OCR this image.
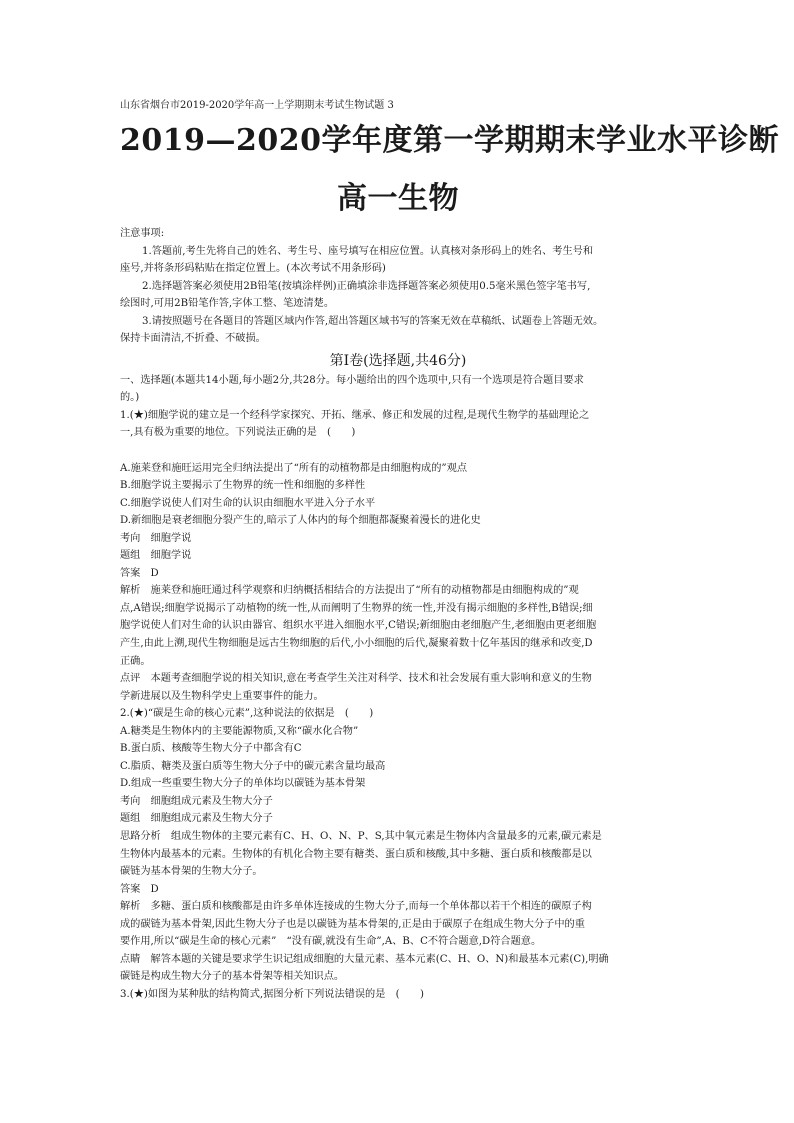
山东省烟台市2019-2020学年高一上学期期末考试生物试题 3
2019—2020学年度第一学期期末学业水平诊断
高一生物
注意事项:
1.答题前,考生先将自己的姓名、考生号、座号填写在相应位置。认真核对条形码上的姓名、考生号和
座号,并将条形码粘贴在指定位置上。(本次考试不用条形码)
2.选择题答案必须使用2B铅笔(按填涂样例)正确填涂非选择题答案必须使用0.5毫米黑色签字笔书写,
绘图时,可用2B铅笔作答,字体工整、笔迹清楚。
3.请按照题号在各题目的答题区域内作答,超出答题区域书写的答案无效在草稿纸、试题卷上答题无效。
保持卡面清洁,不折叠、不破损。
第Ⅰ卷(选择题,共46分)
一、选择题(本题共14小题,每小题2分,共28分。每小题给出的四个选项中,只有一个选项是符合题目要求
的。)
1.(★)细胞学说的建立是一个经科学家探究、开拓、继承、修正和发展的过程,是现代生物学的基础理论之
一,具有极为重要的地位。下列说法正确的是　(　　)
A.施莱登和施旺运用完全归纳法提出了“所有的动植物都是由细胞构成的”观点
B.细胞学说主要揭示了生物界的统一性和细胞的多样性
C.细胞学说使人们对生命的认识由细胞水平进入分子水平
D.新细胞是衰老细胞分裂产生的,暗示了人体内的每个细胞都凝聚着漫长的进化史
考向　细胞学说
题组　细胞学说
答案　D
解析　施莱登和施旺通过科学观察和归纳概括相结合的方法提出了“所有的动植物都是由细胞构成的”观
点,A错误;细胞学说揭示了动植物的统一性,从而阐明了生物界的统一性,并没有揭示细胞的多样性,B错误;细
胞学说使人们对生命的认识由器官、组织水平进入细胞水平,C错误;新细胞由老细胞产生,老细胞由更老细胞
产生,由此上溯,现代生物细胞是远古生物细胞的后代,小小细胞的后代,凝聚着数十亿年基因的继承和改变,D
正确。
点评　本题考查细胞学说的相关知识,意在考查学生关注对科学、技术和社会发展有重大影响和意义的生物
学新进展以及生物科学史上重要事件的能力。
2.(★)“碳是生命的核心元素”,这种说法的依据是　(　　)
A.糖类是生物体内的主要能源物质,又称“碳水化合物”
B.蛋白质、核酸等生物大分子中都含有C
C.脂质、糖类及蛋白质等生物大分子中的碳元素含量均最高
D.组成一些重要生物大分子的单体均以碳链为基本骨架
考向　细胞组成元素及生物大分子
题组　细胞组成元素及生物大分子
思路分析　组成生物体的主要元素有C、H、O、N、P、S,其中氧元素是生物体内含量最多的元素,碳元素是
生物体内最基本的元素。生物体的有机化合物主要有糖类、蛋白质和核酸,其中多糖、蛋白质和核酸都是以
碳链为基本骨架的生物大分子。
答案　D
解析　多糖、蛋白质和核酸都是由许多单体连接成的生物大分子,而每一个单体都以若干个相连的碳原子构
成的碳链为基本骨架,因此生物大分子也是以碳链为基本骨架的,正是由于碳原子在组成生物大分子中的重
要作用,所以“碳是生命的核心元素”　“没有碳,就没有生命”,A、B、C不符合题意,D符合题意。
点睛　解答本题的关键是要求学生识记组成细胞的大量元素、基本元素(C、H、O、N)和最基本元素(C),明确
碳链是构成生物大分子的基本骨架等相关知识点。
3.(★)如图为某种肽的结构简式,据图分析下列说法错误的是　(　　)
